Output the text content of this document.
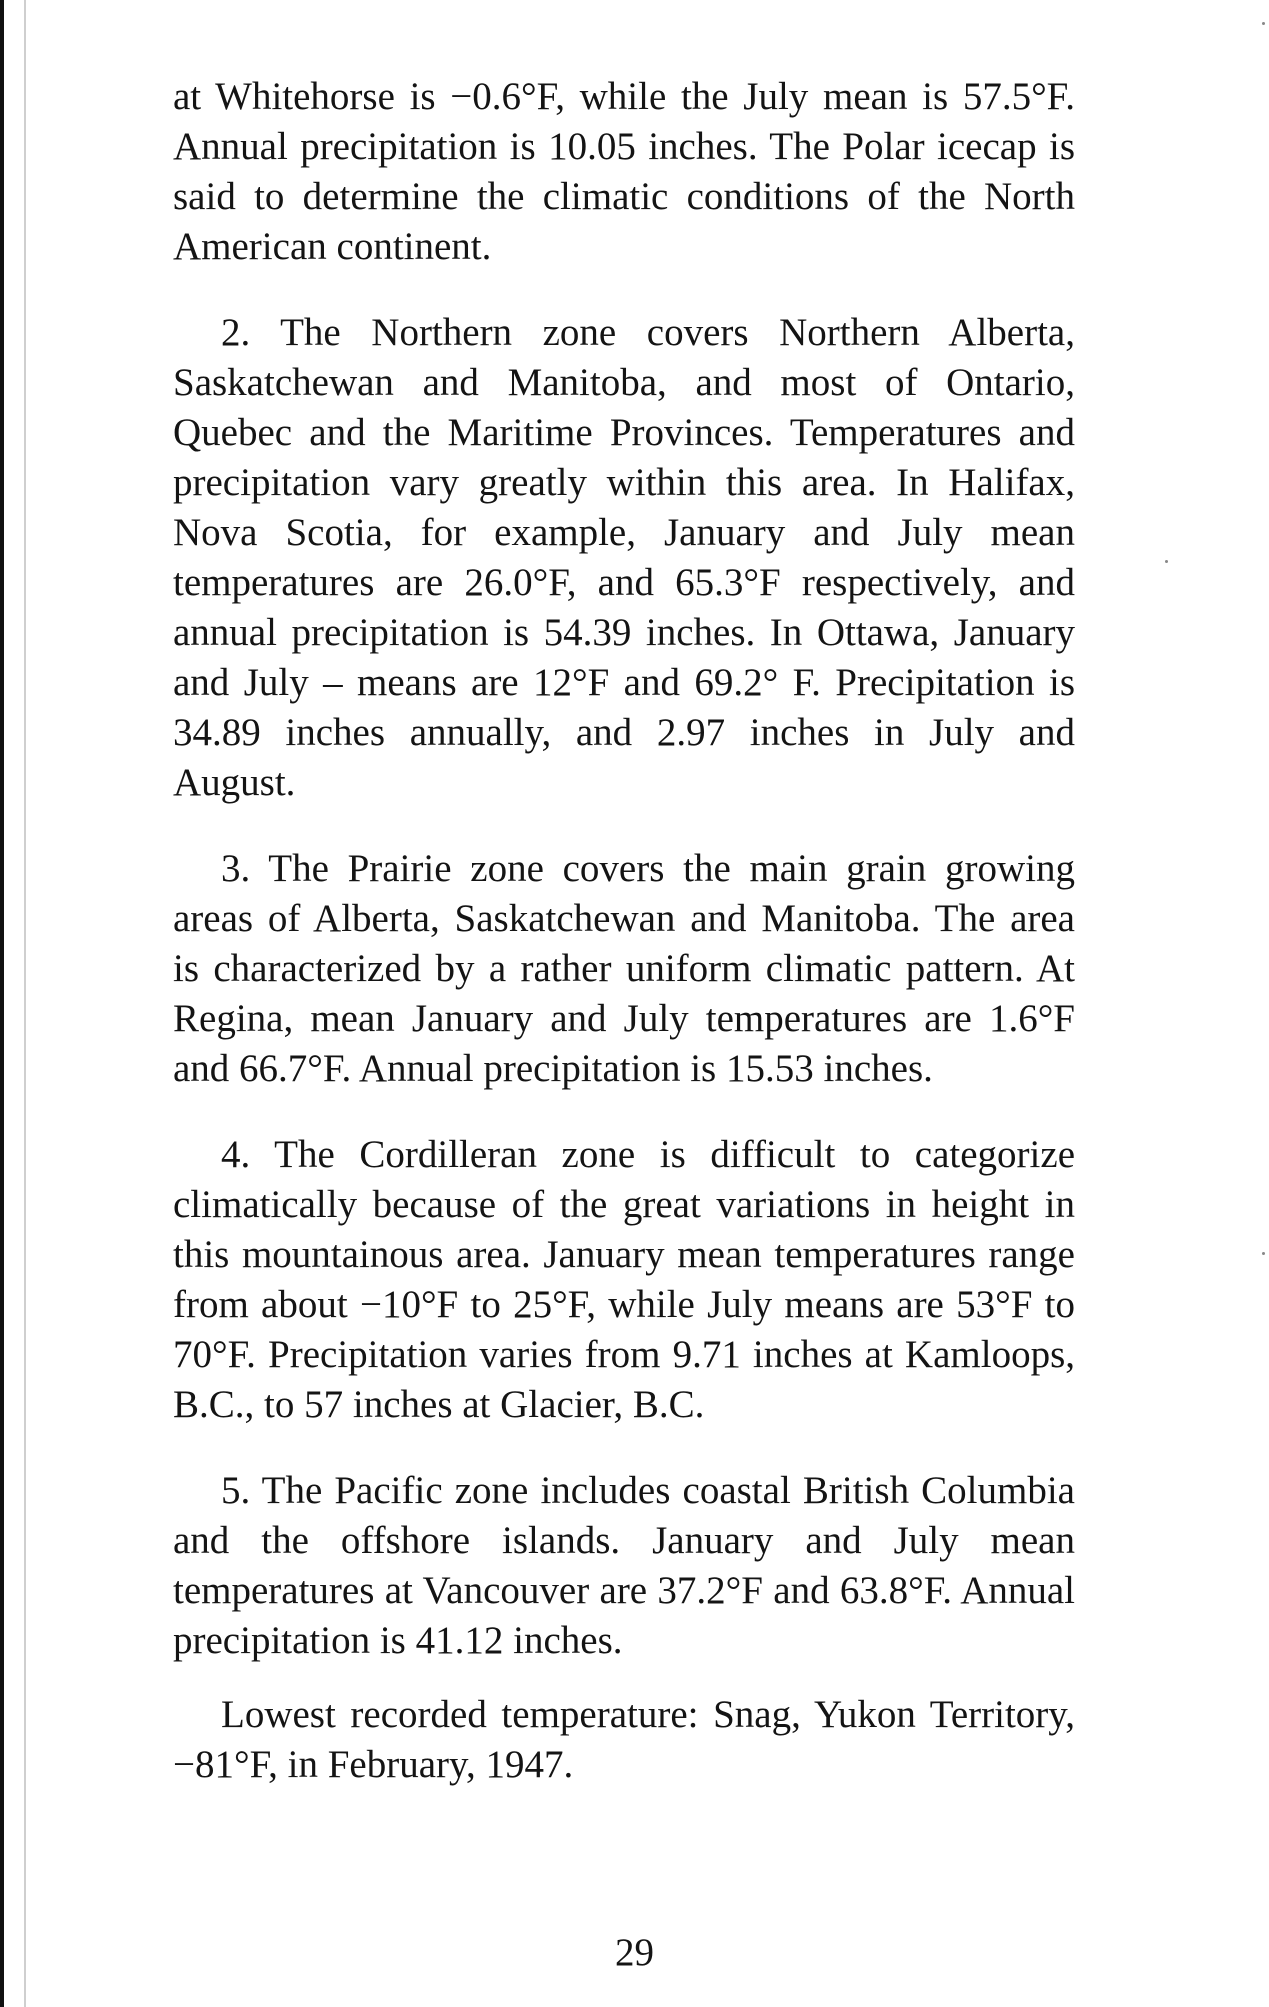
at Whitehorse is −0.6°F, while the July mean is 57.5°F. Annual precipitation is 10.05 inches. The Polar icecap is said to determine the climatic conditions of the North American continent.

2. The Northern zone covers Northern Alberta, Saskatchewan and Manitoba, and most of Ontario, Quebec and the Maritime Provinces. Temperatures and precipitation vary greatly within this area. In Halifax, Nova Scotia, for example, January and July mean temperatures are 26.0°F, and 65.3°F respectively, and annual precipitation is 54.39 inches. In Ottawa, January and July – means are 12°F and 69.2° F. Precipitation is 34.89 inches annually, and 2.97 inches in July and August.

3. The Prairie zone covers the main grain growing areas of Alberta, Saskatchewan and Manitoba. The area is characterized by a rather uniform climatic pattern. At Regina, mean January and July temperatures are 1.6°F and 66.7°F. Annual precipitation is 15.53 inches.

4. The Cordilleran zone is difficult to categorize climatically because of the great variations in height in this mountainous area. January mean temperatures range from about −10°F to 25°F, while July means are 53°F to 70°F. Precipitation varies from 9.71 inches at Kamloops, B.C., to 57 inches at Glacier, B.C.

5. The Pacific zone includes coastal British Columbia and the offshore islands. January and July mean temperatures at Vancouver are 37.2°F and 63.8°F. Annual precipitation is 41.12 inches.

Lowest recorded temperature: Snag, Yukon Territory, −81°F, in February, 1947.

29
